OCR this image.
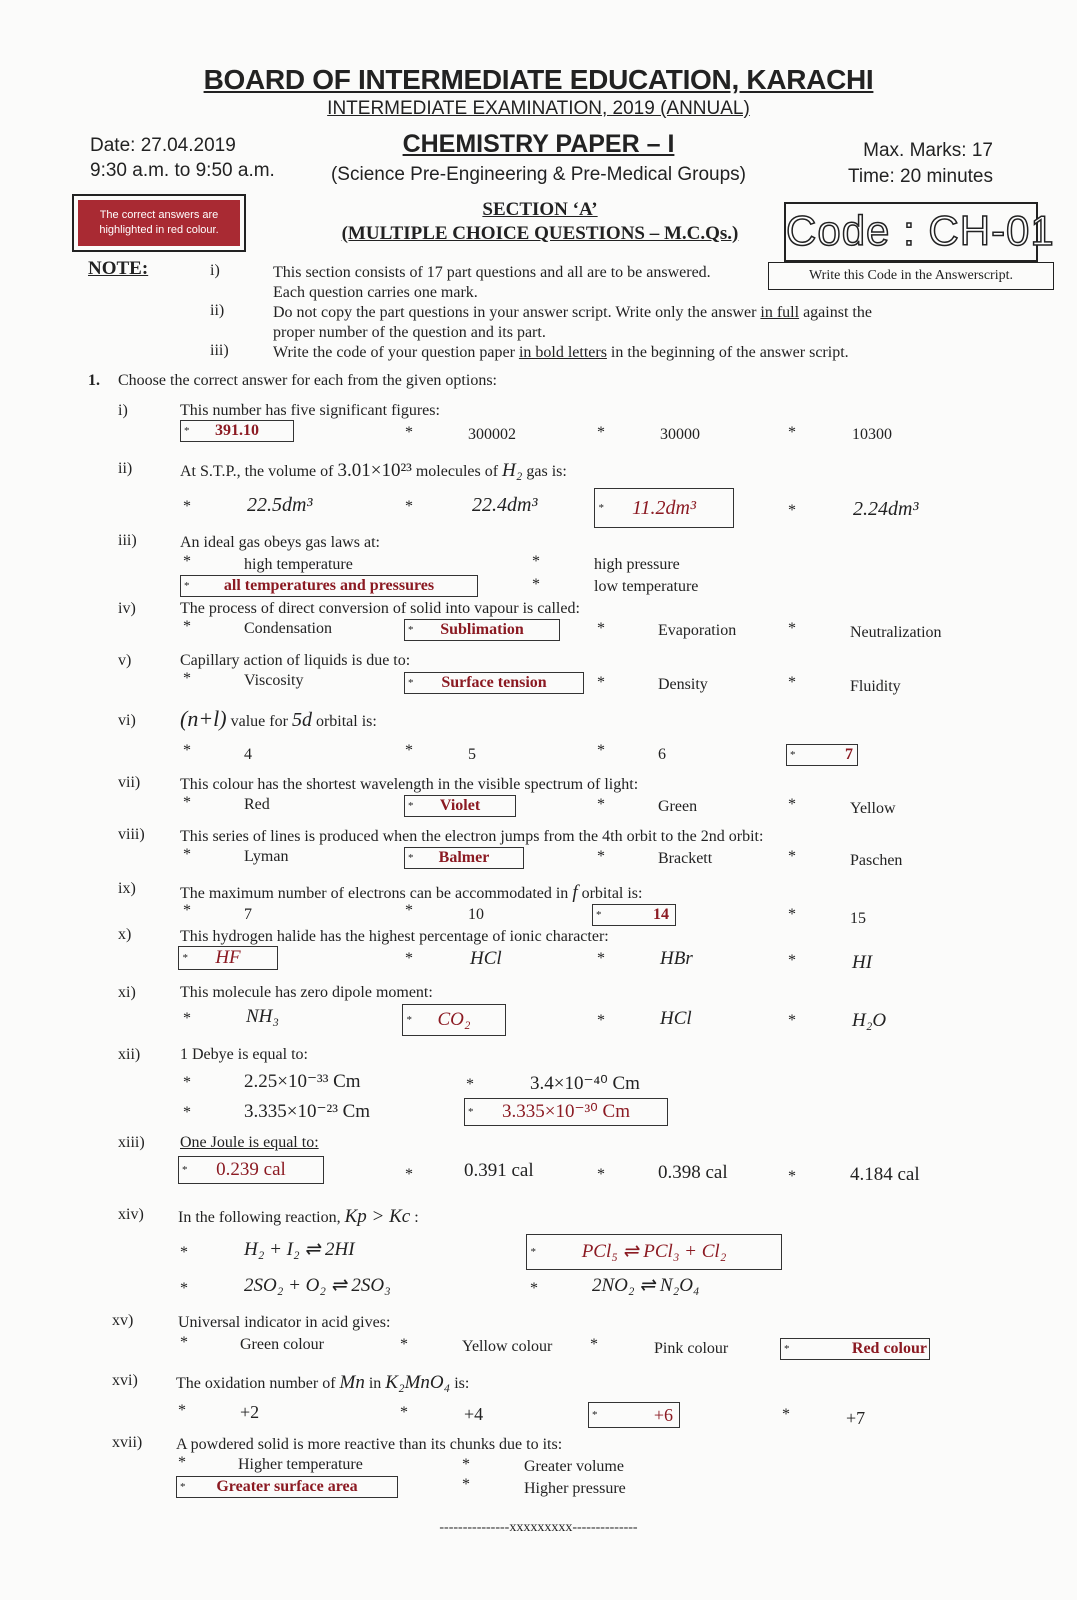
BOARD OF INTERMEDIATE EDUCATION, KARACHI
INTERMEDIATE EXAMINATION, 2019 (ANNUAL)
Date: 27.04.2019
9:30 a.m. to 9:50 a.m.
CHEMISTRY PAPER – I
(Science Pre-Engineering & Pre-Medical Groups)
Max. Marks: 17
Time: 20 minutes
The correct answers are
highlighted in red colour.
SECTION ‘A’
(MULTIPLE CHOICE QUESTIONS – M.C.Qs.)	Code : CH-01
Write this Code in the Answerscript.
NOTE:	i)	This section consists of 17 part questions and all are to be answered.
Each question carries one mark.
ii)	Do not copy the part questions in your answer script. Write only the answer in full against the
proper number of the question and its part.
iii)	Write the code of your question paper in bold letters in the beginning of the answer script.
1. Choose the correct answer for each from the given options:
i)	This number has five significant figures:
* 391.10	*	300002	*	30000	*	10300
ii)	At S.T.P., the volume of 3.01×10²³ molecules of H₂ gas is:
*	22.5dm³	*	22.4dm³	* 11.2dm³	*	2.24dm³
iii)	An ideal gas obeys gas laws at:
*	high temperature	*	high pressure
* all temperatures and pressures	*	low temperature
iv)	The process of direct conversion of solid into vapour is called:
*	Condensation	* Sublimation	*	Evaporation	*	Neutralization
v)	Capillary action of liquids is due to:
*	Viscosity	* Surface tension	*	Density	*	Fluidity
vi) (n+l) value for 5d orbital is:
*	4	*	5	*	6	*	7
vii) This colour has the shortest wavelength in the visible spectrum of light:
*	Red	* Violet	*	Green	*	Yellow
viii) This series of lines is produced when the electron jumps from the 4th orbit to the 2nd orbit:
*	Lyman	* Balmer	*	Brackett	*	Paschen
ix)	The maximum number of electrons can be accommodated in f orbital is:
*	7	*	10	*	14	*	15
x)	This hydrogen halide has the highest percentage of ionic character:
* HF	*	HCl	*	HBr	*	HI
xi)	This molecule has zero dipole moment:
*	NH₃	* CO₂	*	HCl	*	H₂O
xii) 1 Debye is equal to:
*	2.25×10⁻³³ Cm	*	3.4×10⁻⁴⁰ Cm
*	3.335×10⁻²³ Cm	* 3.335×10⁻³⁰ Cm
xiii) One Joule is equal to:
* 0.239 cal	*	0.391 cal	*	0.398 cal	*	4.184 cal
xiv) In the following reaction, Kp > Kc :
*	H₂ + I₂ ⇌ 2HI	* PCl₅ ⇌ PCl₃ + Cl₂
*	2SO₂ + O₂ ⇌ 2SO₃	*	2NO₂ ⇌ N₂O₄
xv)	Universal indicator in acid gives:
*	Green colour	*	Yellow colour *	Pink colour	*	Red colour
xvi) The oxidation number of Mn in K₂MnO₄ is:
*	+2	*	+4	*	+6	*	+7
xvii) A powdered solid is more reactive than its chunks due to its:
*	Higher temperature	*	Greater volume
* Greater surface area	*	Higher pressure
---------------xxxxxxxxx--------------
